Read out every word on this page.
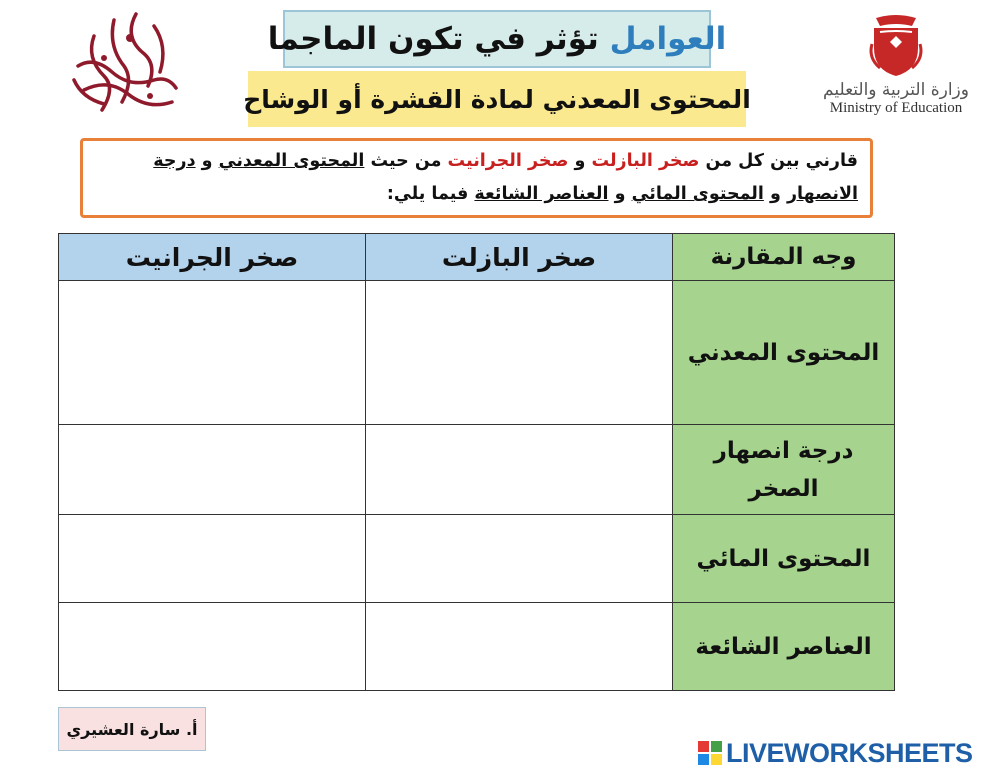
وزارة التربية والتعليم
Ministry of Education
العوامل

تؤثر في تكون الماجما
المحتوى المعدني لمادة القشرة أو الوشاح
قارني بين كل من صخر البازلت و صخر الجرانيت من حيث المحتوى المعدني و درجة الانصهار و المحتوى المائي و العناصر الشائعة فيما يلي:
وجه المقارنة	صخر البازلت	صخر الجرانيت
المحتوى المعدني		
درجة انصهار الصخر		
المحتوى المائي		
العناصر الشائعة		
أ. سارة العشيري
LIVEWORKSHEETS
